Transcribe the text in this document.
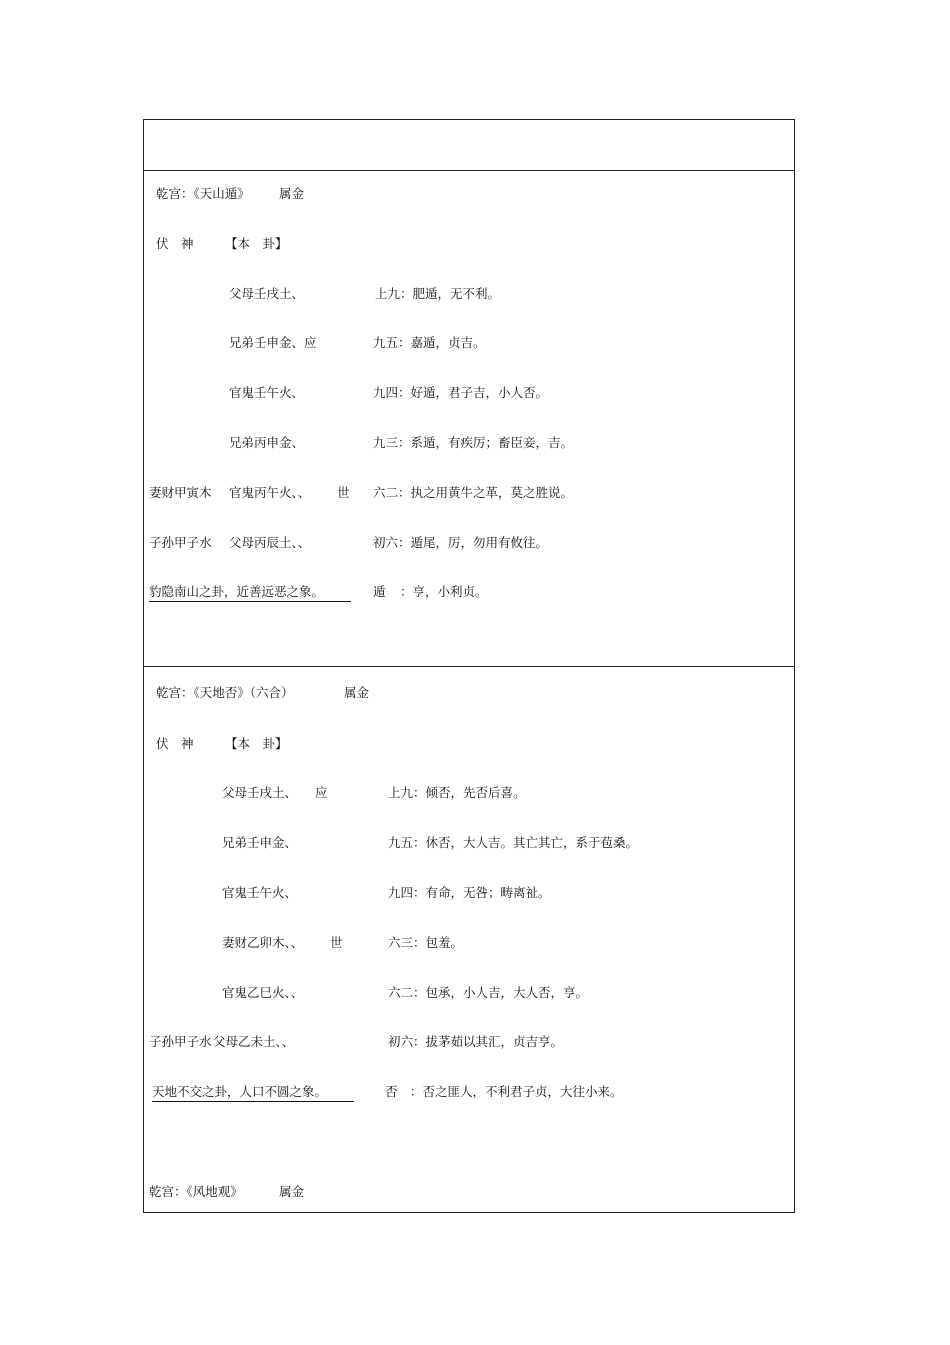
乾宫：《天山遁》 属金
伏　神	【本　卦】
父母壬戌土、	上九：肥遁，无不利。
兄弟壬申金、应	九五：嘉遁，贞吉。
官鬼壬午火、	九四：好遁，君子吉，小人否。
兄弟丙申金、	九三：系遁，有疾厉；畜臣妾，吉。
妻财甲寅木 官鬼丙午火、、 世 六二：执之用黄牛之革，莫之胜说。
子孙甲子水 父母丙辰土、、	初六：遁尾，厉，勿用有攸往。
豹隐南山之卦，近善远恶之象。	遁 ：亨，小利贞。
乾宫：《天地否》（六合）	属金
伏　神	【本　卦】
父母壬戌土、 应	上九：倾否，先否后喜。
兄弟壬申金、	九五：休否，大人吉。其亡其亡，系于苞桑。
官鬼壬午火、	九四：有命，无咎；畴离祉。
妻财乙卯木、、 世	六三：包羞。
官鬼乙巳火、、	六二：包承，小人吉，大人否，亨。
子孙甲子水 父母乙未土、、	初六：拔茅茹以其汇，贞吉亨。
天地不交之卦，人口不圆之象。	否 ：否之匪人，不利君子贞，大往小来。
乾宫：《风地观》	属金
